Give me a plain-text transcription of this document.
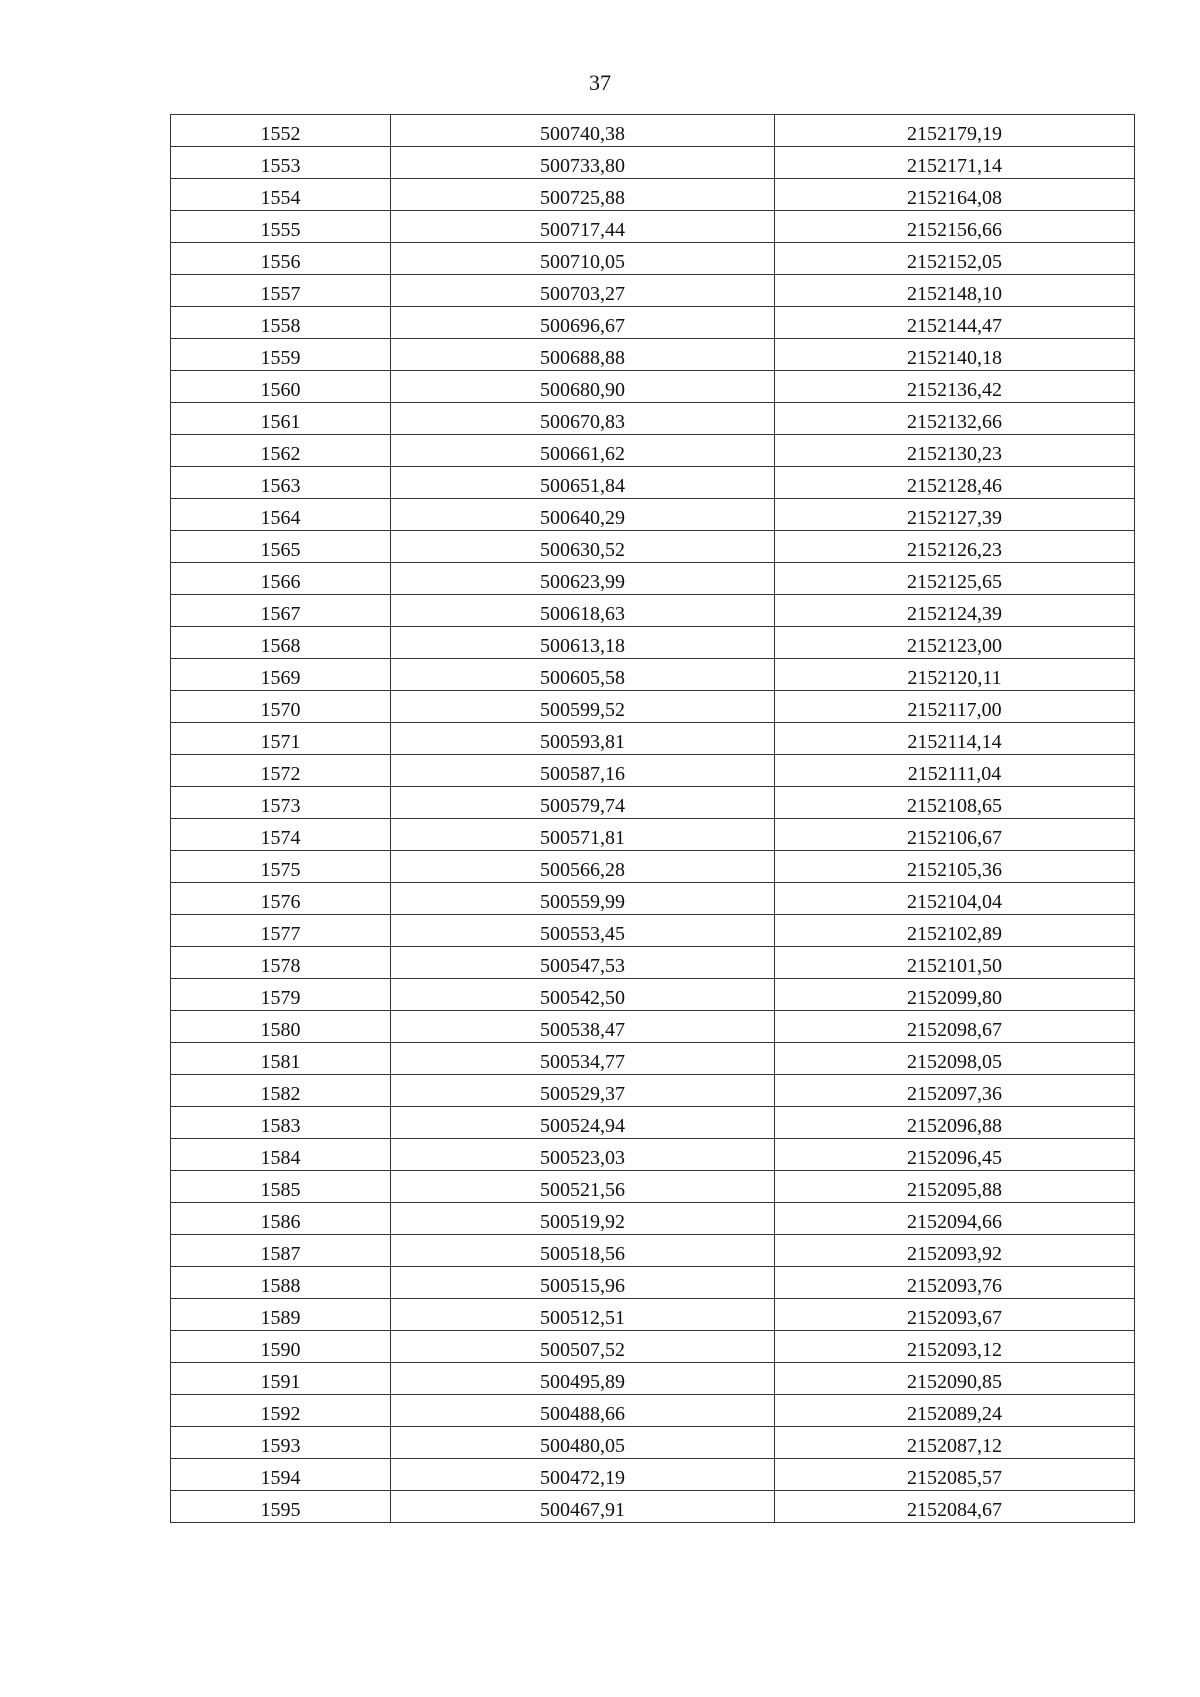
37
1552	500740,38	2152179,19
1553	500733,80	2152171,14
1554	500725,88	2152164,08
1555	500717,44	2152156,66
1556	500710,05	2152152,05
1557	500703,27	2152148,10
1558	500696,67	2152144,47
1559	500688,88	2152140,18
1560	500680,90	2152136,42
1561	500670,83	2152132,66
1562	500661,62	2152130,23
1563	500651,84	2152128,46
1564	500640,29	2152127,39
1565	500630,52	2152126,23
1566	500623,99	2152125,65
1567	500618,63	2152124,39
1568	500613,18	2152123,00
1569	500605,58	2152120,11
1570	500599,52	2152117,00
1571	500593,81	2152114,14
1572	500587,16	2152111,04
1573	500579,74	2152108,65
1574	500571,81	2152106,67
1575	500566,28	2152105,36
1576	500559,99	2152104,04
1577	500553,45	2152102,89
1578	500547,53	2152101,50
1579	500542,50	2152099,80
1580	500538,47	2152098,67
1581	500534,77	2152098,05
1582	500529,37	2152097,36
1583	500524,94	2152096,88
1584	500523,03	2152096,45
1585	500521,56	2152095,88
1586	500519,92	2152094,66
1587	500518,56	2152093,92
1588	500515,96	2152093,76
1589	500512,51	2152093,67
1590	500507,52	2152093,12
1591	500495,89	2152090,85
1592	500488,66	2152089,24
1593	500480,05	2152087,12
1594	500472,19	2152085,57
1595	500467,91	2152084,67
